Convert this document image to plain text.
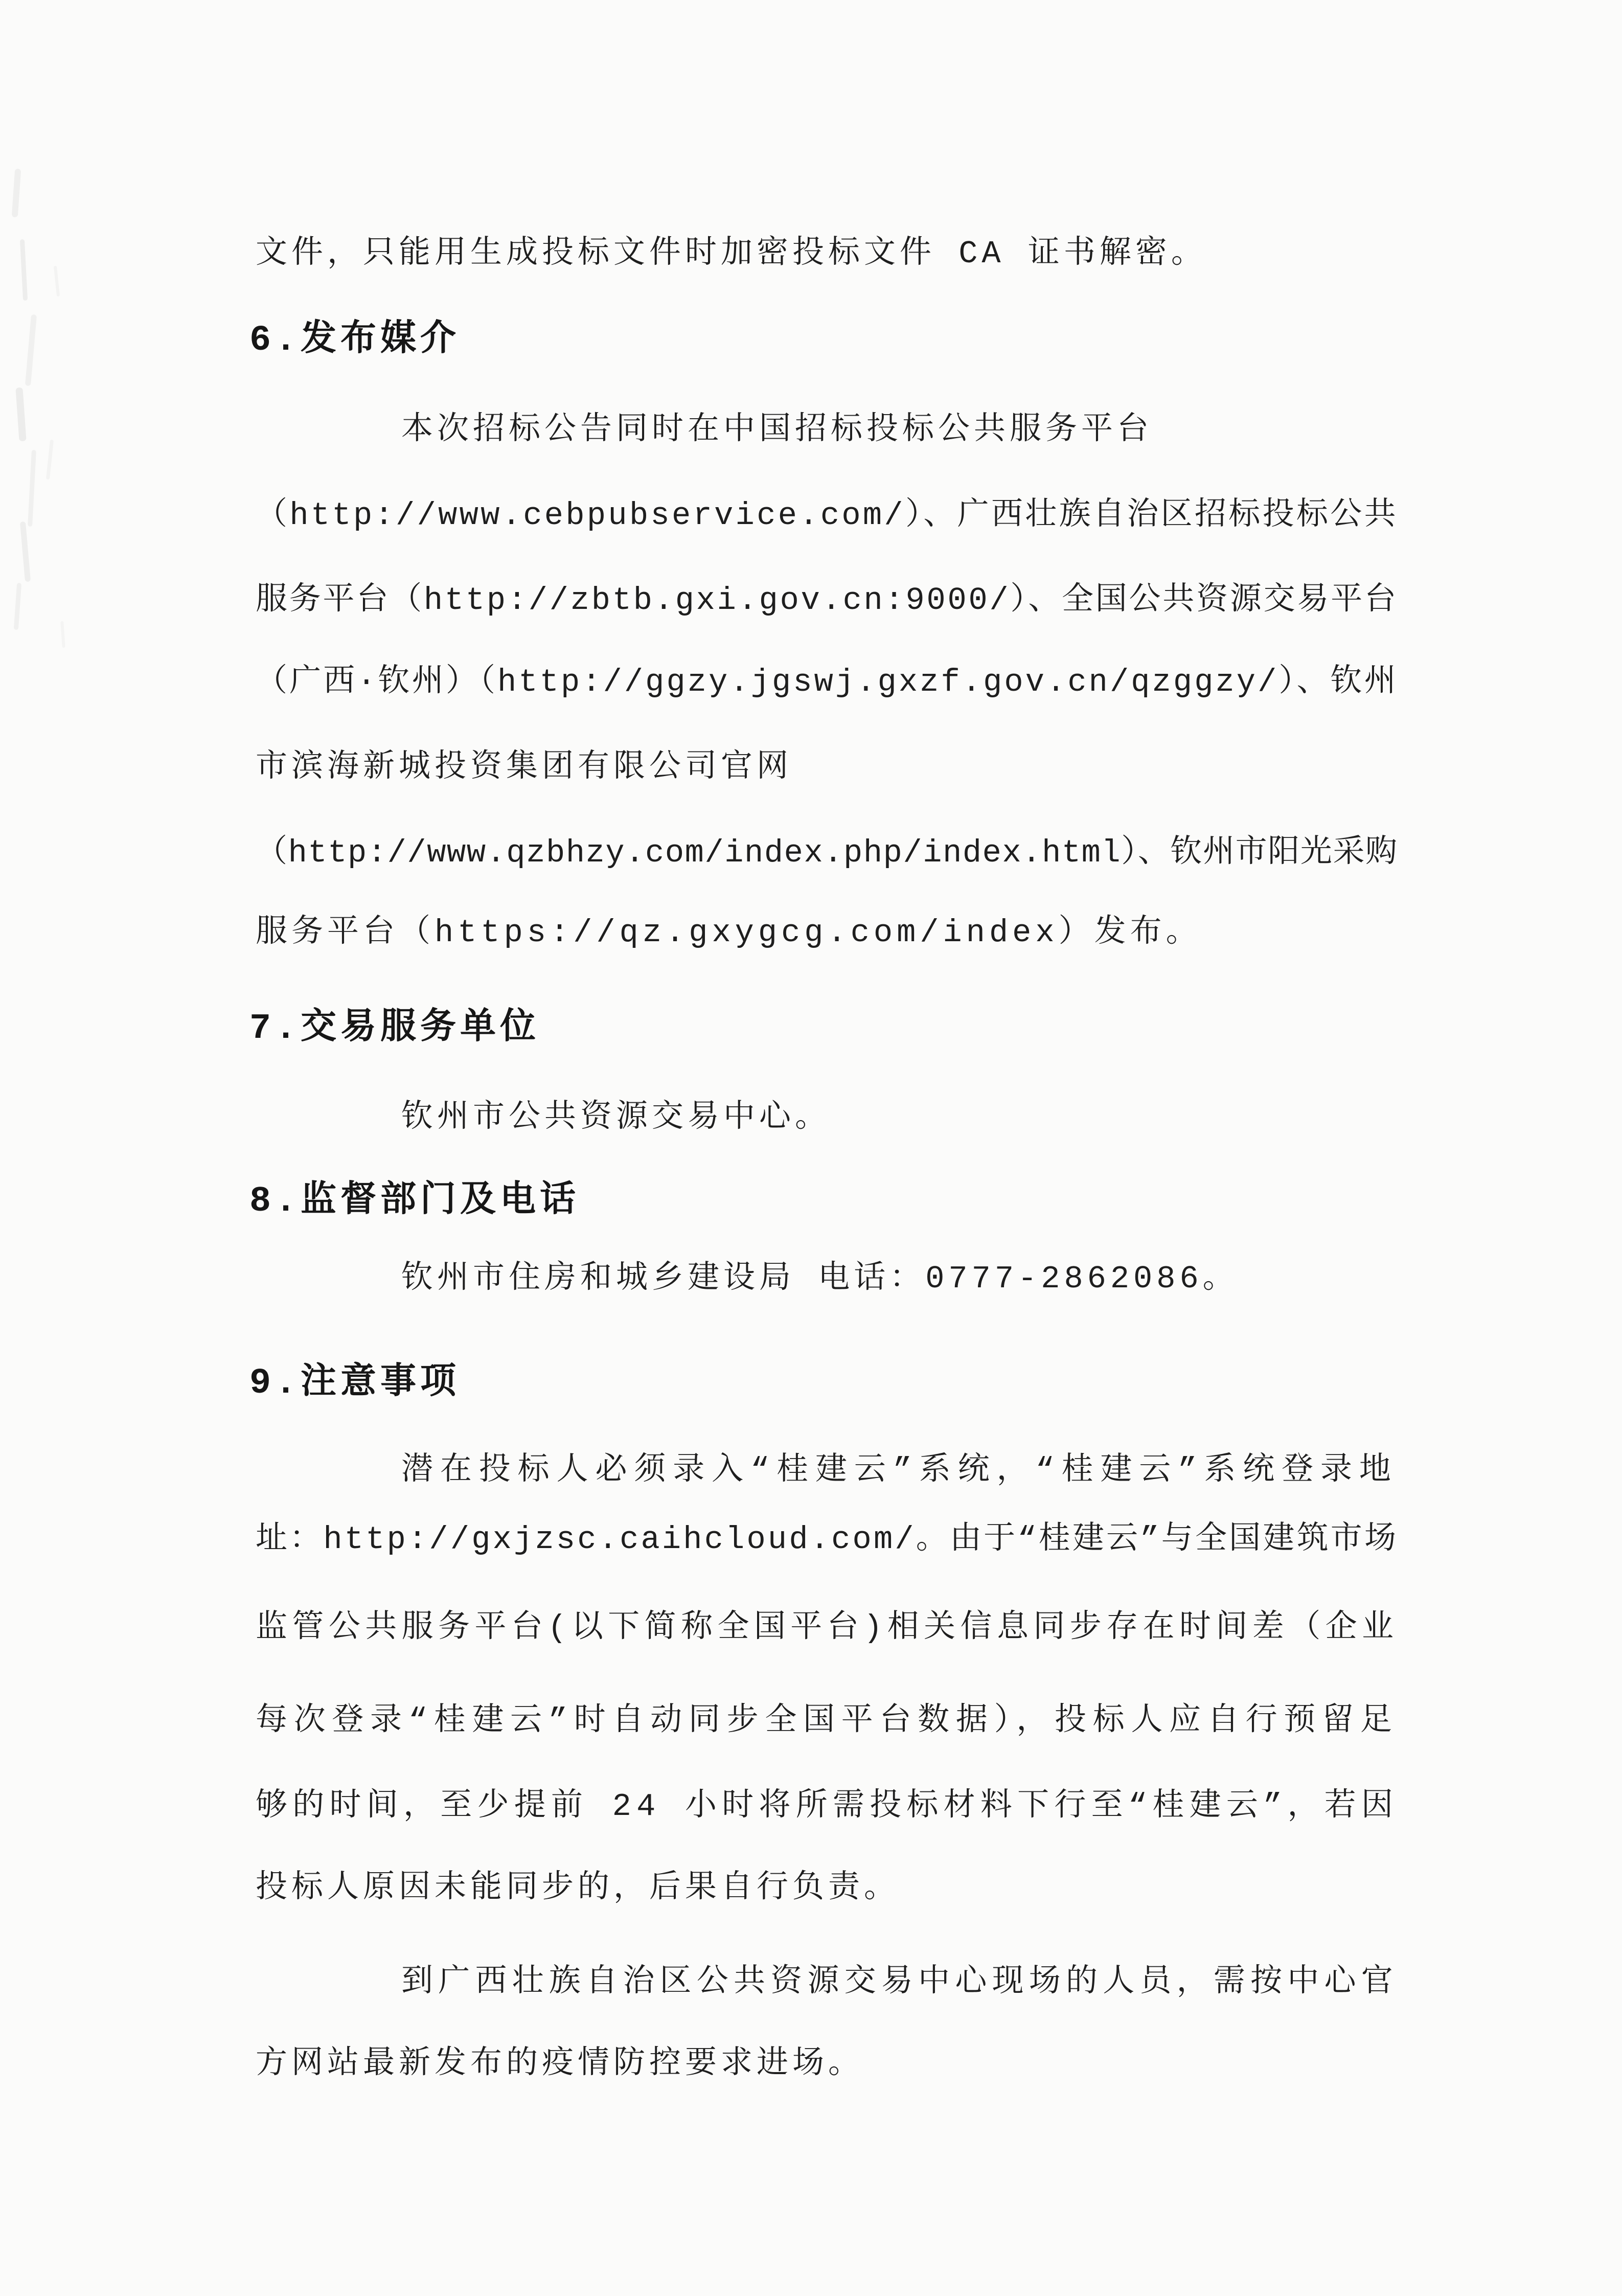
文件，只能用生成投标文件时加密投标文件 CA 证书解密。
6.发布媒介
本次招标公告同时在中国招标投标公共服务平台
（http://www.cebpubservice.com/）、广西壮族自治区招标投标公共
服务平台（http://zbtb.gxi.gov.cn:9000/）、全国公共资源交易平台
（广西·钦州）（http://ggzy.jgswj.gxzf.gov.cn/qzggzy/）、钦州
市滨海新城投资集团有限公司官网
（http://www.qzbhzy.com/index.php/index.html）、钦州市阳光采购
服务平台（https://qz.gxygcg.com/index）发布。
7.交易服务单位
钦州市公共资源交易中心。
8.监督部门及电话
钦州市住房和城乡建设局 电话：0777-2862086。
9.注意事项
潜在投标人必须录入“桂建云”系统，“桂建云”系统登录地
址：http://gxjzsc.caihcloud.com/。由于“桂建云”与全国建筑市场
监管公共服务平台(以下简称全国平台)相关信息同步存在时间差（企业
每次登录“桂建云”时自动同步全国平台数据），投标人应自行预留足
够的时间，至少提前 24 小时将所需投标材料下行至“桂建云”，若因
投标人原因未能同步的，后果自行负责。
到广西壮族自治区公共资源交易中心现场的人员，需按中心官
方网站最新发布的疫情防控要求进场。
